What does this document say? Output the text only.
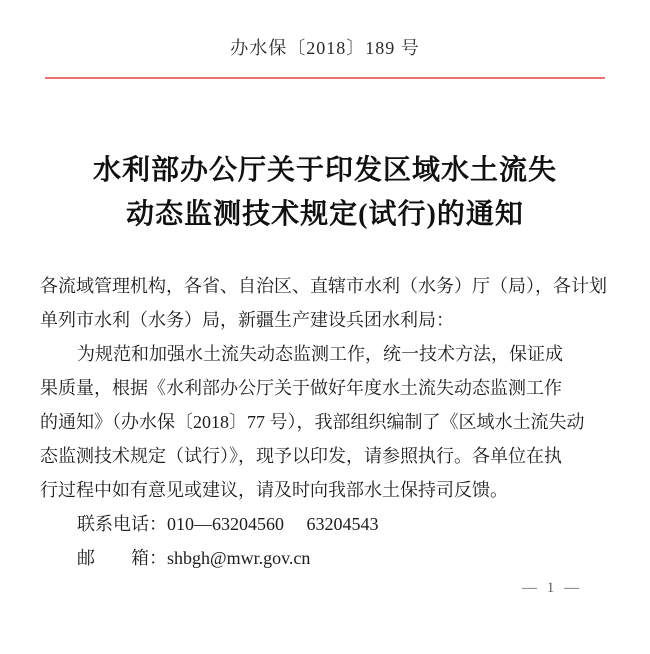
办水保〔2018〕189 号
水利部办公厅关于印发区域水土流失
动态监测技术规定(试行)的通知
各流域管理机构，各省、自治区、直辖市水利（水务）厅（局），各计划
单列市水利（水务）局，新疆生产建设兵团水利局：
为规范和加强水土流失动态监测工作，统一技术方法，保证成
果质量，根据《水利部办公厅关于做好年度水土流失动态监测工作
的通知》（办水保〔2018〕77 号），我部组织编制了《区域水土流失动
态监测技术规定（试行）》，现予以印发，请参照执行。各单位在执
行过程中如有意见或建议，请及时向我部水土保持司反馈。
联系电话：010—63204560　 63204543
邮　　箱：shbgh@mwr.gov.cn
— 1 —
